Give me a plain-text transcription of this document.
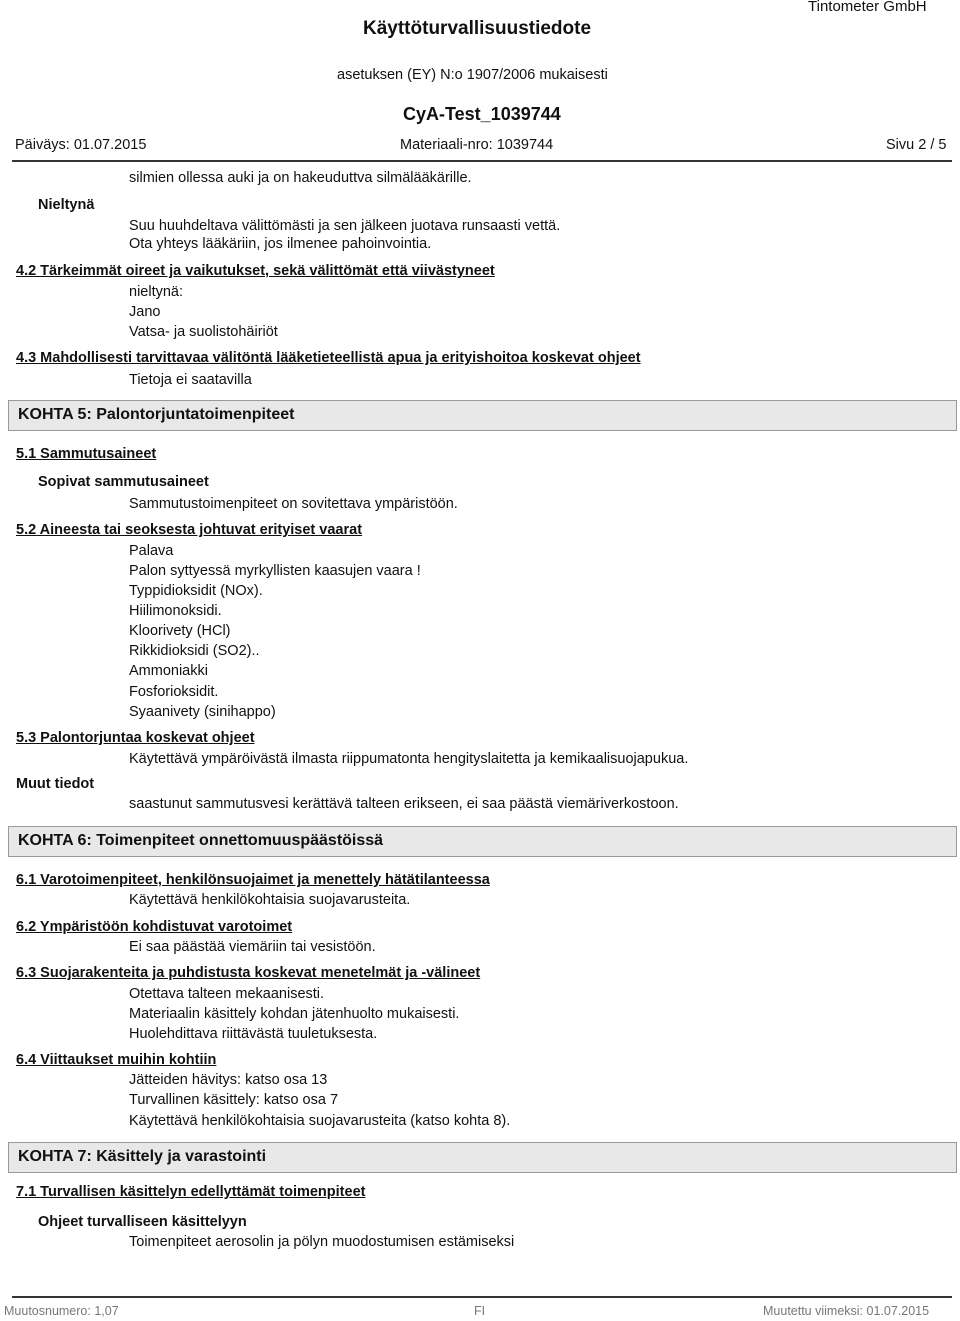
Käyttöturvallisuustiedote
Tintometer GmbH
asetuksen (EY) N:o 1907/2006 mukaisesti
CyA-Test_1039744
Päiväys: 01.07.2015	Materiaali-nro: 1039744	Sivu 2 / 5
silmien ollessa auki ja on hakeuduttva silmälääkärille.
Nieltynä
Suu huuhdeltava välittömästi ja sen jälkeen juotava runsaasti vettä.
Ota yhteys lääkäriin, jos ilmenee pahoinvointia.
4.2 Tärkeimmät oireet ja vaikutukset, sekä välittömät että viivästyneet
nieltynä:
Jano
Vatsa- ja suolistohäiriöt
4.3 Mahdollisesti tarvittavaa välitöntä lääketieteellistä apua ja erityishoitoa koskevat ohjeet
Tietoja ei saatavilla
KOHTA 5: Palontorjuntatoimenpiteet
5.1 Sammutusaineet
Sopivat sammutusaineet
Sammutustoimenpiteet on sovitettava ympäristöön.
5.2 Aineesta tai seoksesta johtuvat erityiset vaarat
Palava
Palon syttyessä myrkyllisten kaasujen vaara !
Typpidioksidit (NOx).
Hiilimonoksidi.
Kloorivety (HCl)
Rikkidioksidi (SO2)..
Ammoniakki
Fosforioksidit.
Syaanivety (sinihappo)
5.3 Palontorjuntaa koskevat ohjeet
Käytettävä ympäröivästä ilmasta riippumatonta hengityslaitetta ja kemikaalisuojapukua.
Muut tiedot
saastunut sammutusvesi kerättävä talteen erikseen, ei saa päästä viemäriverkostoon.
KOHTA 6: Toimenpiteet onnettomuuspäästöissä
6.1 Varotoimenpiteet, henkilönsuojaimet ja menettely hätätilanteessa
Käytettävä henkilökohtaisia suojavarusteita.
6.2 Ympäristöön kohdistuvat varotoimet
Ei saa päästää viemäriin tai vesistöön.
6.3 Suojarakenteita ja puhdistusta koskevat menetelmät ja -välineet
Otettava talteen mekaanisesti.
Materiaalin käsittely kohdan jätenhuolto mukaisesti.
Huolehdittava riittävästä tuuletuksesta.
6.4 Viittaukset muihin kohtiin
Jätteiden hävitys: katso osa 13
Turvallinen käsittely: katso osa 7
Käytettävä henkilökohtaisia suojavarusteita (katso kohta 8).
KOHTA 7: Käsittely ja varastointi
7.1 Turvallisen käsittelyn edellyttämät toimenpiteet
Ohjeet turvalliseen käsittelyyn
Toimenpiteet aerosolin ja pölyn muodostumisen estämiseksi
Muutosnumero: 1,07	FI	Muutettu viimeksi: 01.07.2015
